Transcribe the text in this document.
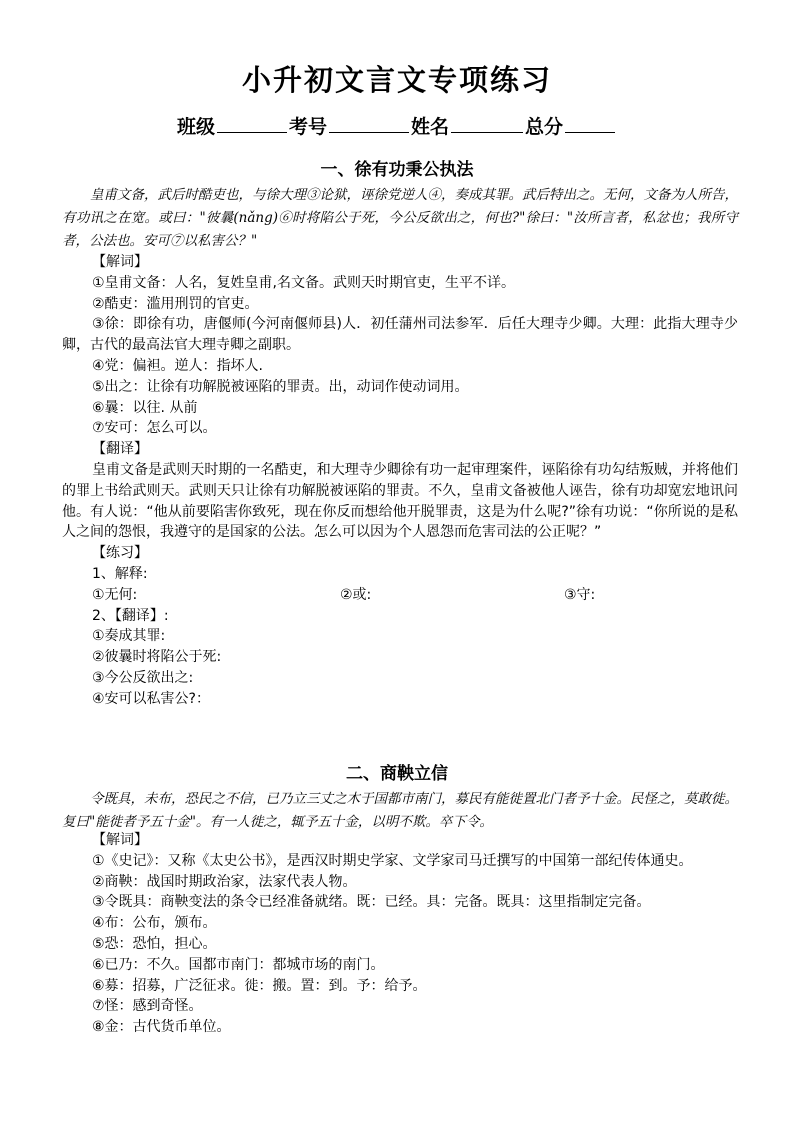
小升初文言文专项练习
班级	考号	姓名	总分
一、徐有功秉公执法
皇甫文备，武后时酷吏也，与徐大理③论狱，诬徐党逆人④，奏成其罪。武后特出之。无何，文备为人所告，有功讯之在宽。或曰："彼曩(nǎng)⑥时将陷公于死，今公反欲出之，何也?"徐曰："汝所言者，私忿也；我所守者，公法也。安可⑦以私害公？"
【解词】
①皇甫文备：人名，复姓皇甫,名文备。武则天时期官吏，生平不详。
②酷吏：滥用刑罚的官吏。
③徐：即徐有功，唐偃师(今河南偃师县)人．初任蒲州司法参军．后任大理寺少卿。大理：此指大理寺少卿，古代的最高法官大理寺卿之副职。
④党：偏袒。逆人：指坏人.
⑤出之：让徐有功解脱被诬陷的罪责。出，动词作使动词用。
⑥曩：以往. 从前
⑦安可：怎么可以。
【翻译】
皇甫文备是武则天时期的一名酷吏，和大理寺少卿徐有功一起审理案件，诬陷徐有功勾结叛贼，并将他们的罪上书给武则天。武则天只让徐有功解脱被诬陷的罪责。不久，皇甫文备被他人诬告，徐有功却宽宏地讯问他。有人说：“他从前要陷害你致死，现在你反而想给他开脱罪责，这是为什么呢?”徐有功说：“你所说的是私人之间的怨恨，我遵守的是国家的公法。怎么可以因为个人恩怨而危害司法的公正呢？”
【练习】
1、解释:
①无何:	②或:	③守:
2、【翻译】:
①奏成其罪:
②彼曩时将陷公于死:
③今公反欲出之:
④安可以私害公?：
二、商鞅立信
令既具，未布，恐民之不信，已乃立三丈之木于国都市南门，募民有能徙置北门者予十金。民怪之，莫敢徙。复曰"能徙者予五十金"。有一人徙之，辄予五十金，以明不欺。卒下令。
【解词】
①《史记》：又称《太史公书》，是西汉时期史学家、文学家司马迁撰写的中国第一部纪传体通史。
②商鞅：战国时期政治家，法家代表人物。
③令既具：商鞅变法的条令已经准备就绪。既：已经。具：完备。既具：这里指制定完备。
④布：公布，颁布。
⑤恐：恐怕，担心。
⑥已乃：不久。国都市南门：都城市场的南门。
⑥募：招募，广泛征求。徙：搬。置：到。予：给予。
⑦怪：感到奇怪。
⑧金：古代货币单位。
